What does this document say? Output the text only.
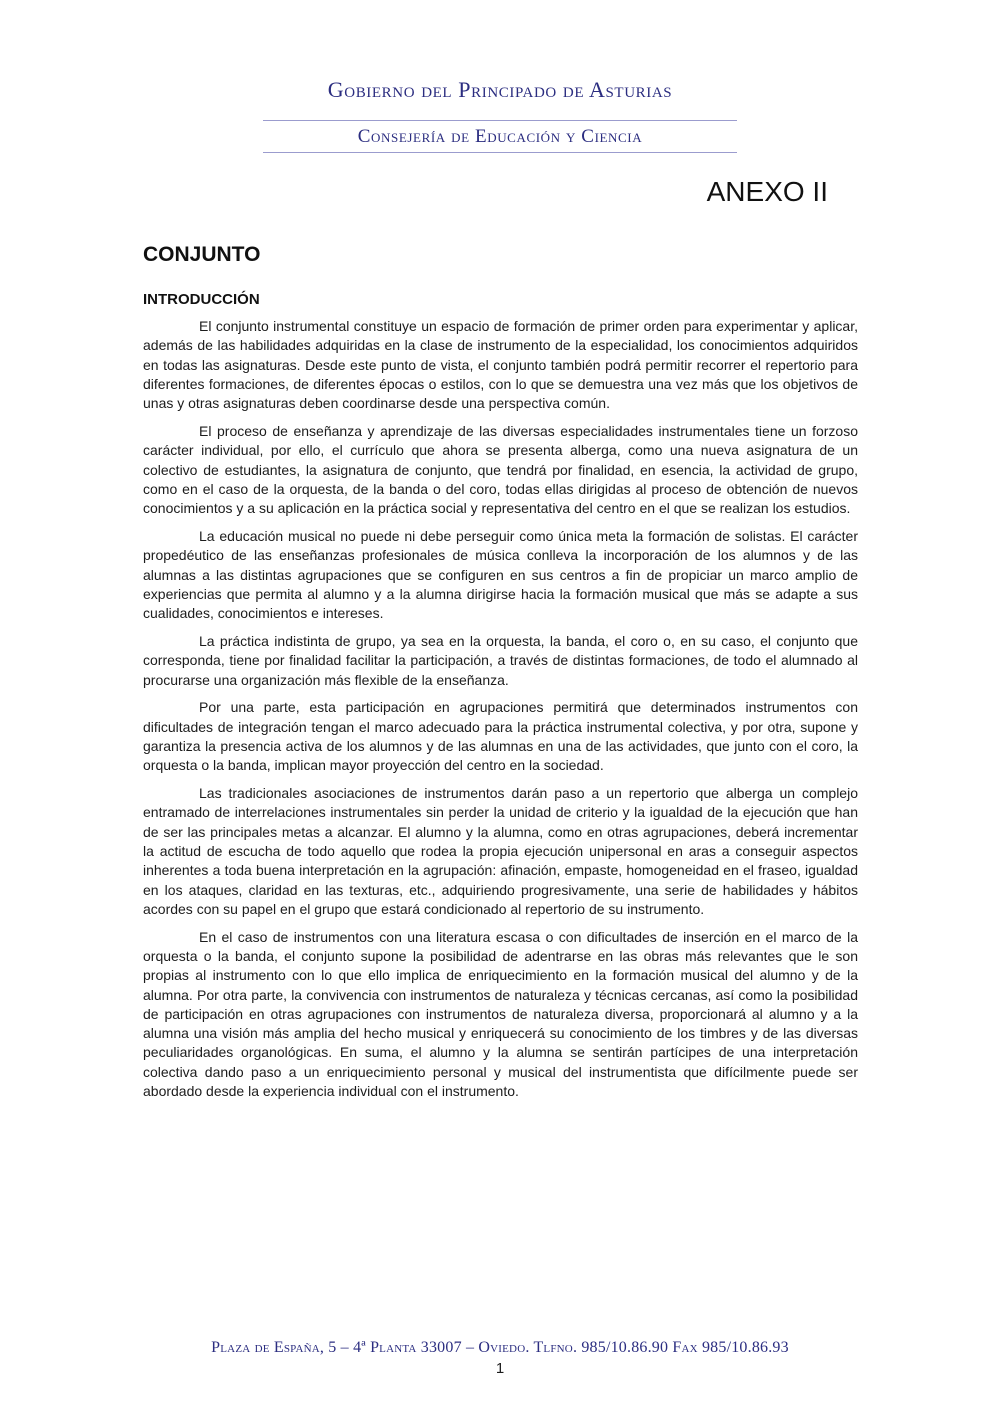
Gobierno del Principado de Asturias
Consejería de Educación y Ciencia
ANEXO II
CONJUNTO
INTRODUCCIÓN

El conjunto instrumental constituye un espacio de formación de primer orden para experimentar y aplicar, además de las habilidades adquiridas en la clase de instrumento de la especialidad, los conocimientos adquiridos en todas las asignaturas. Desde este punto de vista, el conjunto también podrá permitir recorrer el repertorio para diferentes formaciones, de diferentes épocas o estilos, con lo que se demuestra una vez más que los objetivos de unas y otras asignaturas deben coordinarse desde una perspectiva común.

El proceso de enseñanza y aprendizaje de las diversas especialidades instrumentales tiene un forzoso carácter individual, por ello, el currículo que ahora se presenta alberga, como una nueva asignatura de un colectivo de estudiantes, la asignatura de conjunto, que tendrá por finalidad, en esencia, la actividad de grupo, como en el caso de la orquesta, de la banda o del coro, todas ellas dirigidas al proceso de obtención de nuevos conocimientos y a su aplicación en la práctica social y representativa del centro en el que se realizan los estudios.

La educación musical no puede ni debe perseguir como única meta la formación de solistas. El carácter propedéutico de las enseñanzas profesionales de música conlleva la incorporación de los alumnos y de las alumnas a las distintas agrupaciones que se configuren en sus centros a fin de propiciar un marco amplio de experiencias que permita al alumno y a la alumna dirigirse hacia la formación musical que más se adapte a sus cualidades, conocimientos e intereses.

La práctica indistinta de grupo, ya sea en la orquesta, la banda, el coro o, en su caso, el conjunto que corresponda, tiene por finalidad facilitar la participación, a través de distintas formaciones, de todo el alumnado al procurarse una organización más flexible de la enseñanza.

Por una parte, esta participación en agrupaciones permitirá que determinados instrumentos con dificultades de integración tengan el marco adecuado para la práctica instrumental colectiva, y por otra, supone y garantiza la presencia activa de los alumnos y de las alumnas en una de las actividades, que junto con el coro, la orquesta o la banda, implican mayor proyección del centro en la sociedad.

Las tradicionales asociaciones de instrumentos darán paso a un repertorio que alberga un complejo entramado de interrelaciones instrumentales sin perder la unidad de criterio y la igualdad de la ejecución que han de ser las principales metas a alcanzar. El alumno y la alumna, como en otras agrupaciones, deberá incrementar la actitud de escucha de todo aquello que rodea la propia ejecución unipersonal en aras a conseguir aspectos inherentes a toda buena interpretación en la agrupación: afinación, empaste, homogeneidad en el fraseo, igualdad en los ataques, claridad en las texturas, etc., adquiriendo progresivamente, una serie de habilidades y hábitos acordes con su papel en el grupo que estará condicionado al repertorio de su instrumento.

En el caso de instrumentos con una literatura escasa o con dificultades de inserción en el marco de la orquesta o la banda, el conjunto supone la posibilidad de adentrarse en las obras más relevantes que le son propias al instrumento con lo que ello implica de enriquecimiento en la formación musical del alumno y de la alumna. Por otra parte, la convivencia con instrumentos de naturaleza y técnicas cercanas, así como la posibilidad de participación en otras agrupaciones con instrumentos de naturaleza diversa, proporcionará al alumno y a la alumna una visión más amplia del hecho musical y enriquecerá su conocimiento de los timbres y de las diversas peculiaridades organológicas. En suma, el alumno y la alumna se sentirán partícipes de una interpretación colectiva dando paso a un enriquecimiento personal y musical del instrumentista que difícilmente puede ser abordado desde la experiencia individual con el instrumento.

Plaza de España, 5 – 4ª Planta 33007 – Oviedo. Tlfno. 985/10.86.90 Fax 985/10.86.93
1
